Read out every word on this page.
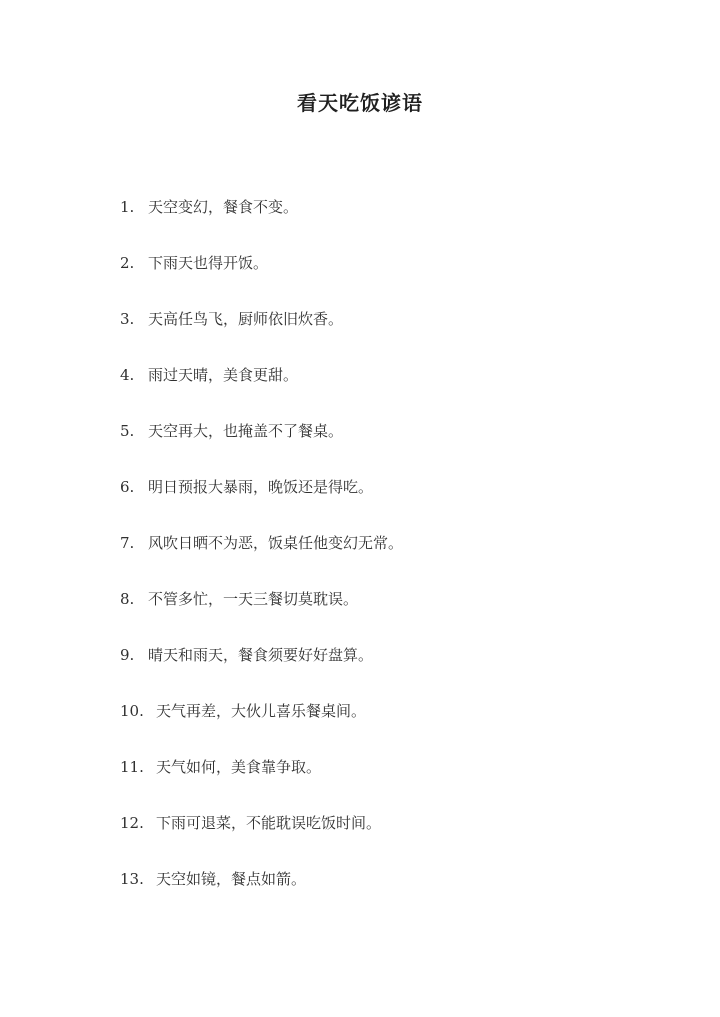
看天吃饭谚语
1. 天空变幻，餐食不变。
2. 下雨天也得开饭。
3. 天高任鸟飞，厨师依旧炊香。
4. 雨过天晴，美食更甜。
5. 天空再大，也掩盖不了餐桌。
6. 明日预报大暴雨，晚饭还是得吃。
7. 风吹日晒不为恶，饭桌任他变幻无常。
8. 不管多忙，一天三餐切莫耽误。
9. 晴天和雨天，餐食须要好好盘算。
10. 天气再差，大伙儿喜乐餐桌间。
11. 天气如何，美食靠争取。
12. 下雨可退菜，不能耽误吃饭时间。
13. 天空如镜，餐点如箭。
